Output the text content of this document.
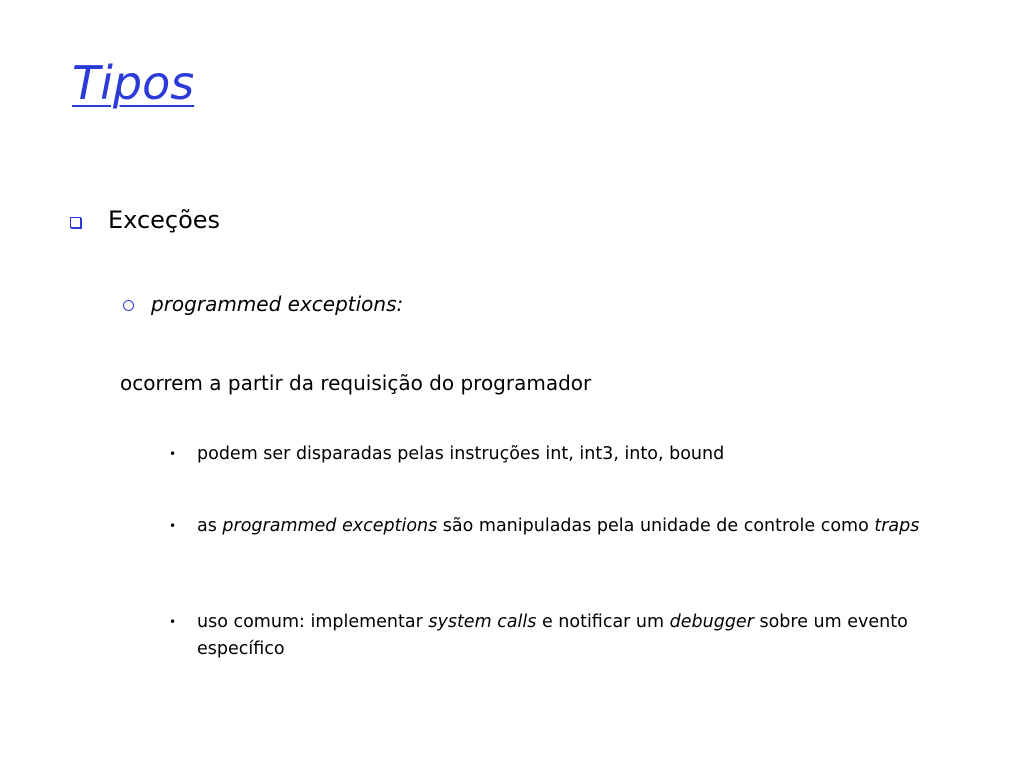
Tipos
Exceções
programmed exceptions:
ocorrem a partir da requisição do programador
•	podem ser disparadas pelas instruções int, int3, into, bound
•	as programmed exceptions são manipuladas pela unidade de controle como traps
•	uso comum: implementar system calls e notificar um debugger sobre um evento específico
